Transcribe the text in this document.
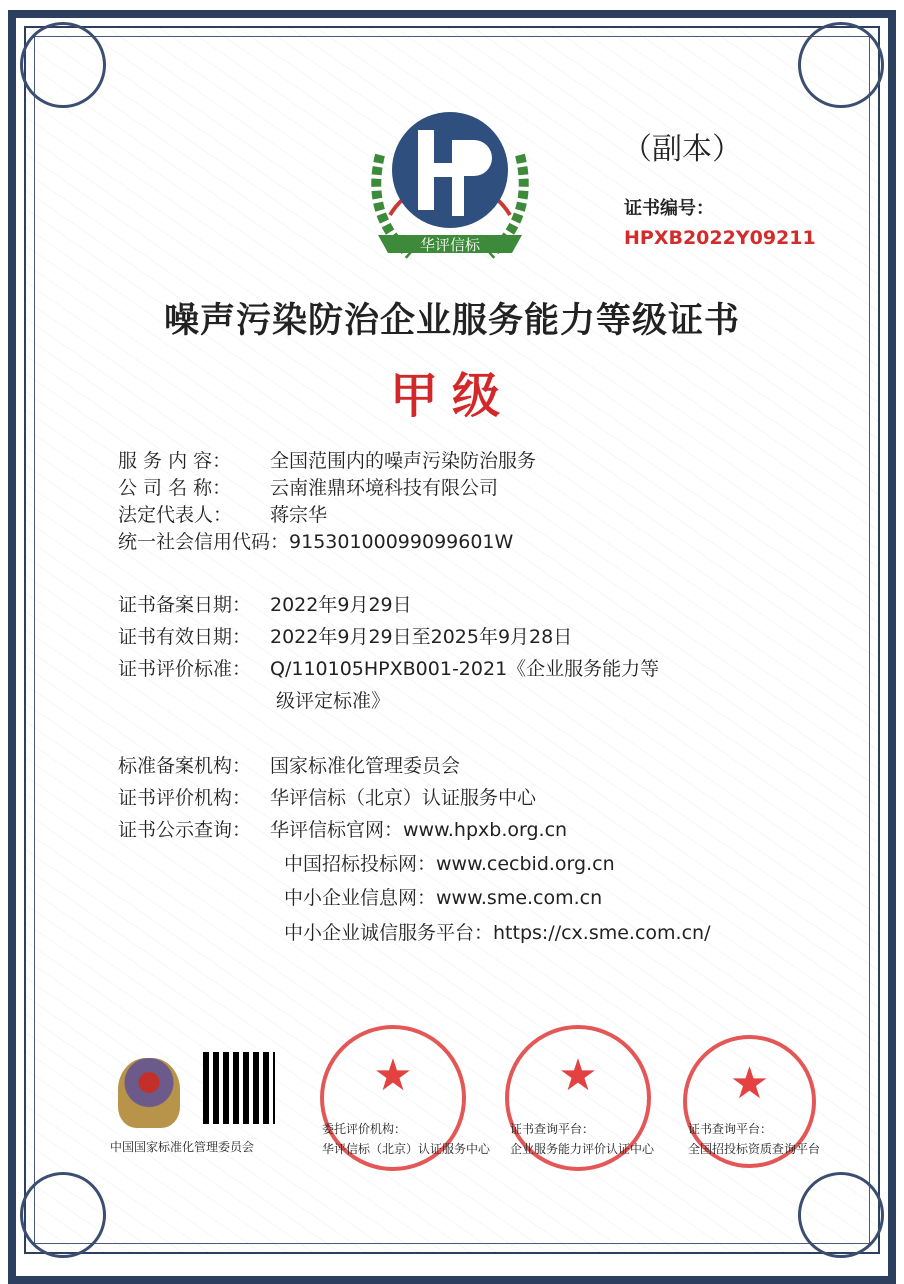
华评信标
（副本）
证书编号：
HPXB2022Y09211
噪声污染防治企业服务能力等级证书
甲级
服 务 内 容： 全国范围内的噪声污染防治服务
公 司 名 称： 云南淮鼎环境科技有限公司
法定代表人： 蒋宗华
统一社会信用代码：91530100099099601W
证书备案日期： 2022年9月29日
证书有效日期： 2022年9月29日至2025年9月28日
证书评价标准： Q/110105HPXB001-2021《企业服务能力等
级评定标准》
标准备案机构： 国家标准化管理委员会
证书评价机构： 华评信标（北京）认证服务中心
证书公示查询： 华评信标官网：www.hpxb.org.cn
中国招标投标网：www.cecbid.org.cn
中小企业信息网：www.sme.com.cn
中小企业诚信服务平台：https://cx.sme.com.cn/
中国国家标准化管理委员会
★
委托评价机构：
华评信标（北京）认证服务中心
★
证书查询平台：
企业服务能力评价认证中心
★
证书查询平台：
全国招投标资质查询平台
